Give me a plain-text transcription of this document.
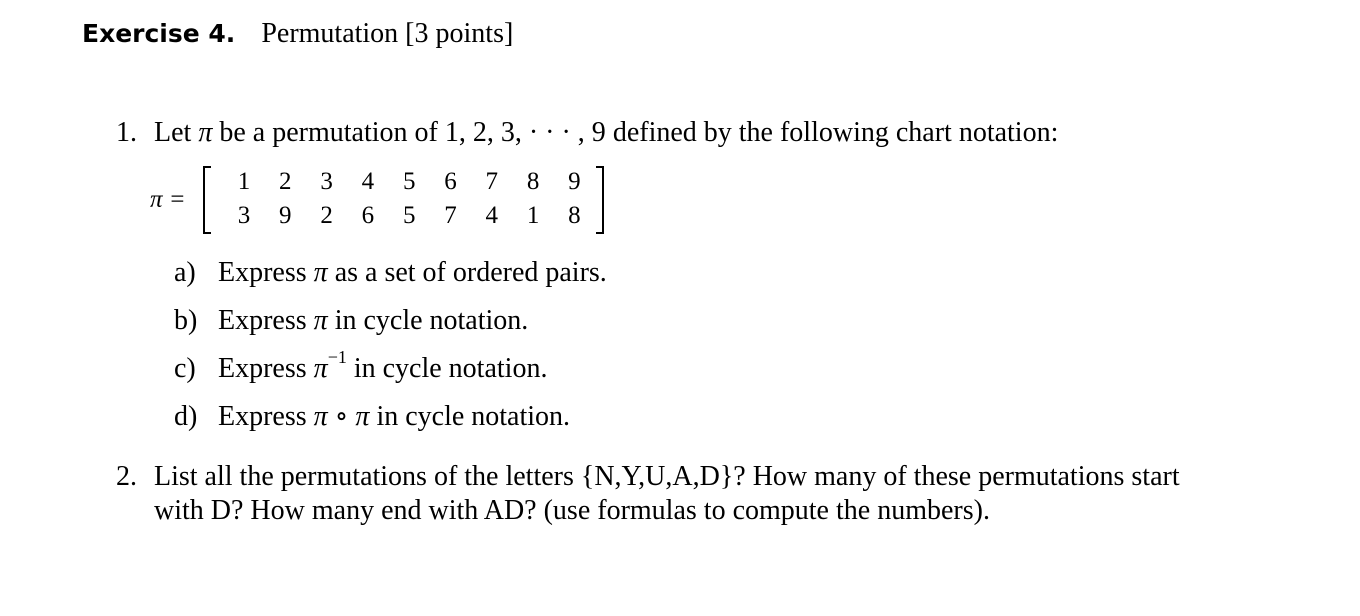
Exercise 4. Permutation [3 points]
1. Let π be a permutation of 1, 2, 3, · · · , 9 defined by the following chart notation:
π =
1 2 3 4 5 6 7 8 9
3 9 2 6 5 7 4 1 8
a) Express π as a set of ordered pairs.
b) Express π in cycle notation.
c) Express $\pi^{-1}$ in cycle notation.
d) Express π ∘ π in cycle notation.
2. List all the permutations of the letters {N,Y,U,A,D}? How many of these permutations start
with D? How many end with AD? (use formulas to compute the numbers).
